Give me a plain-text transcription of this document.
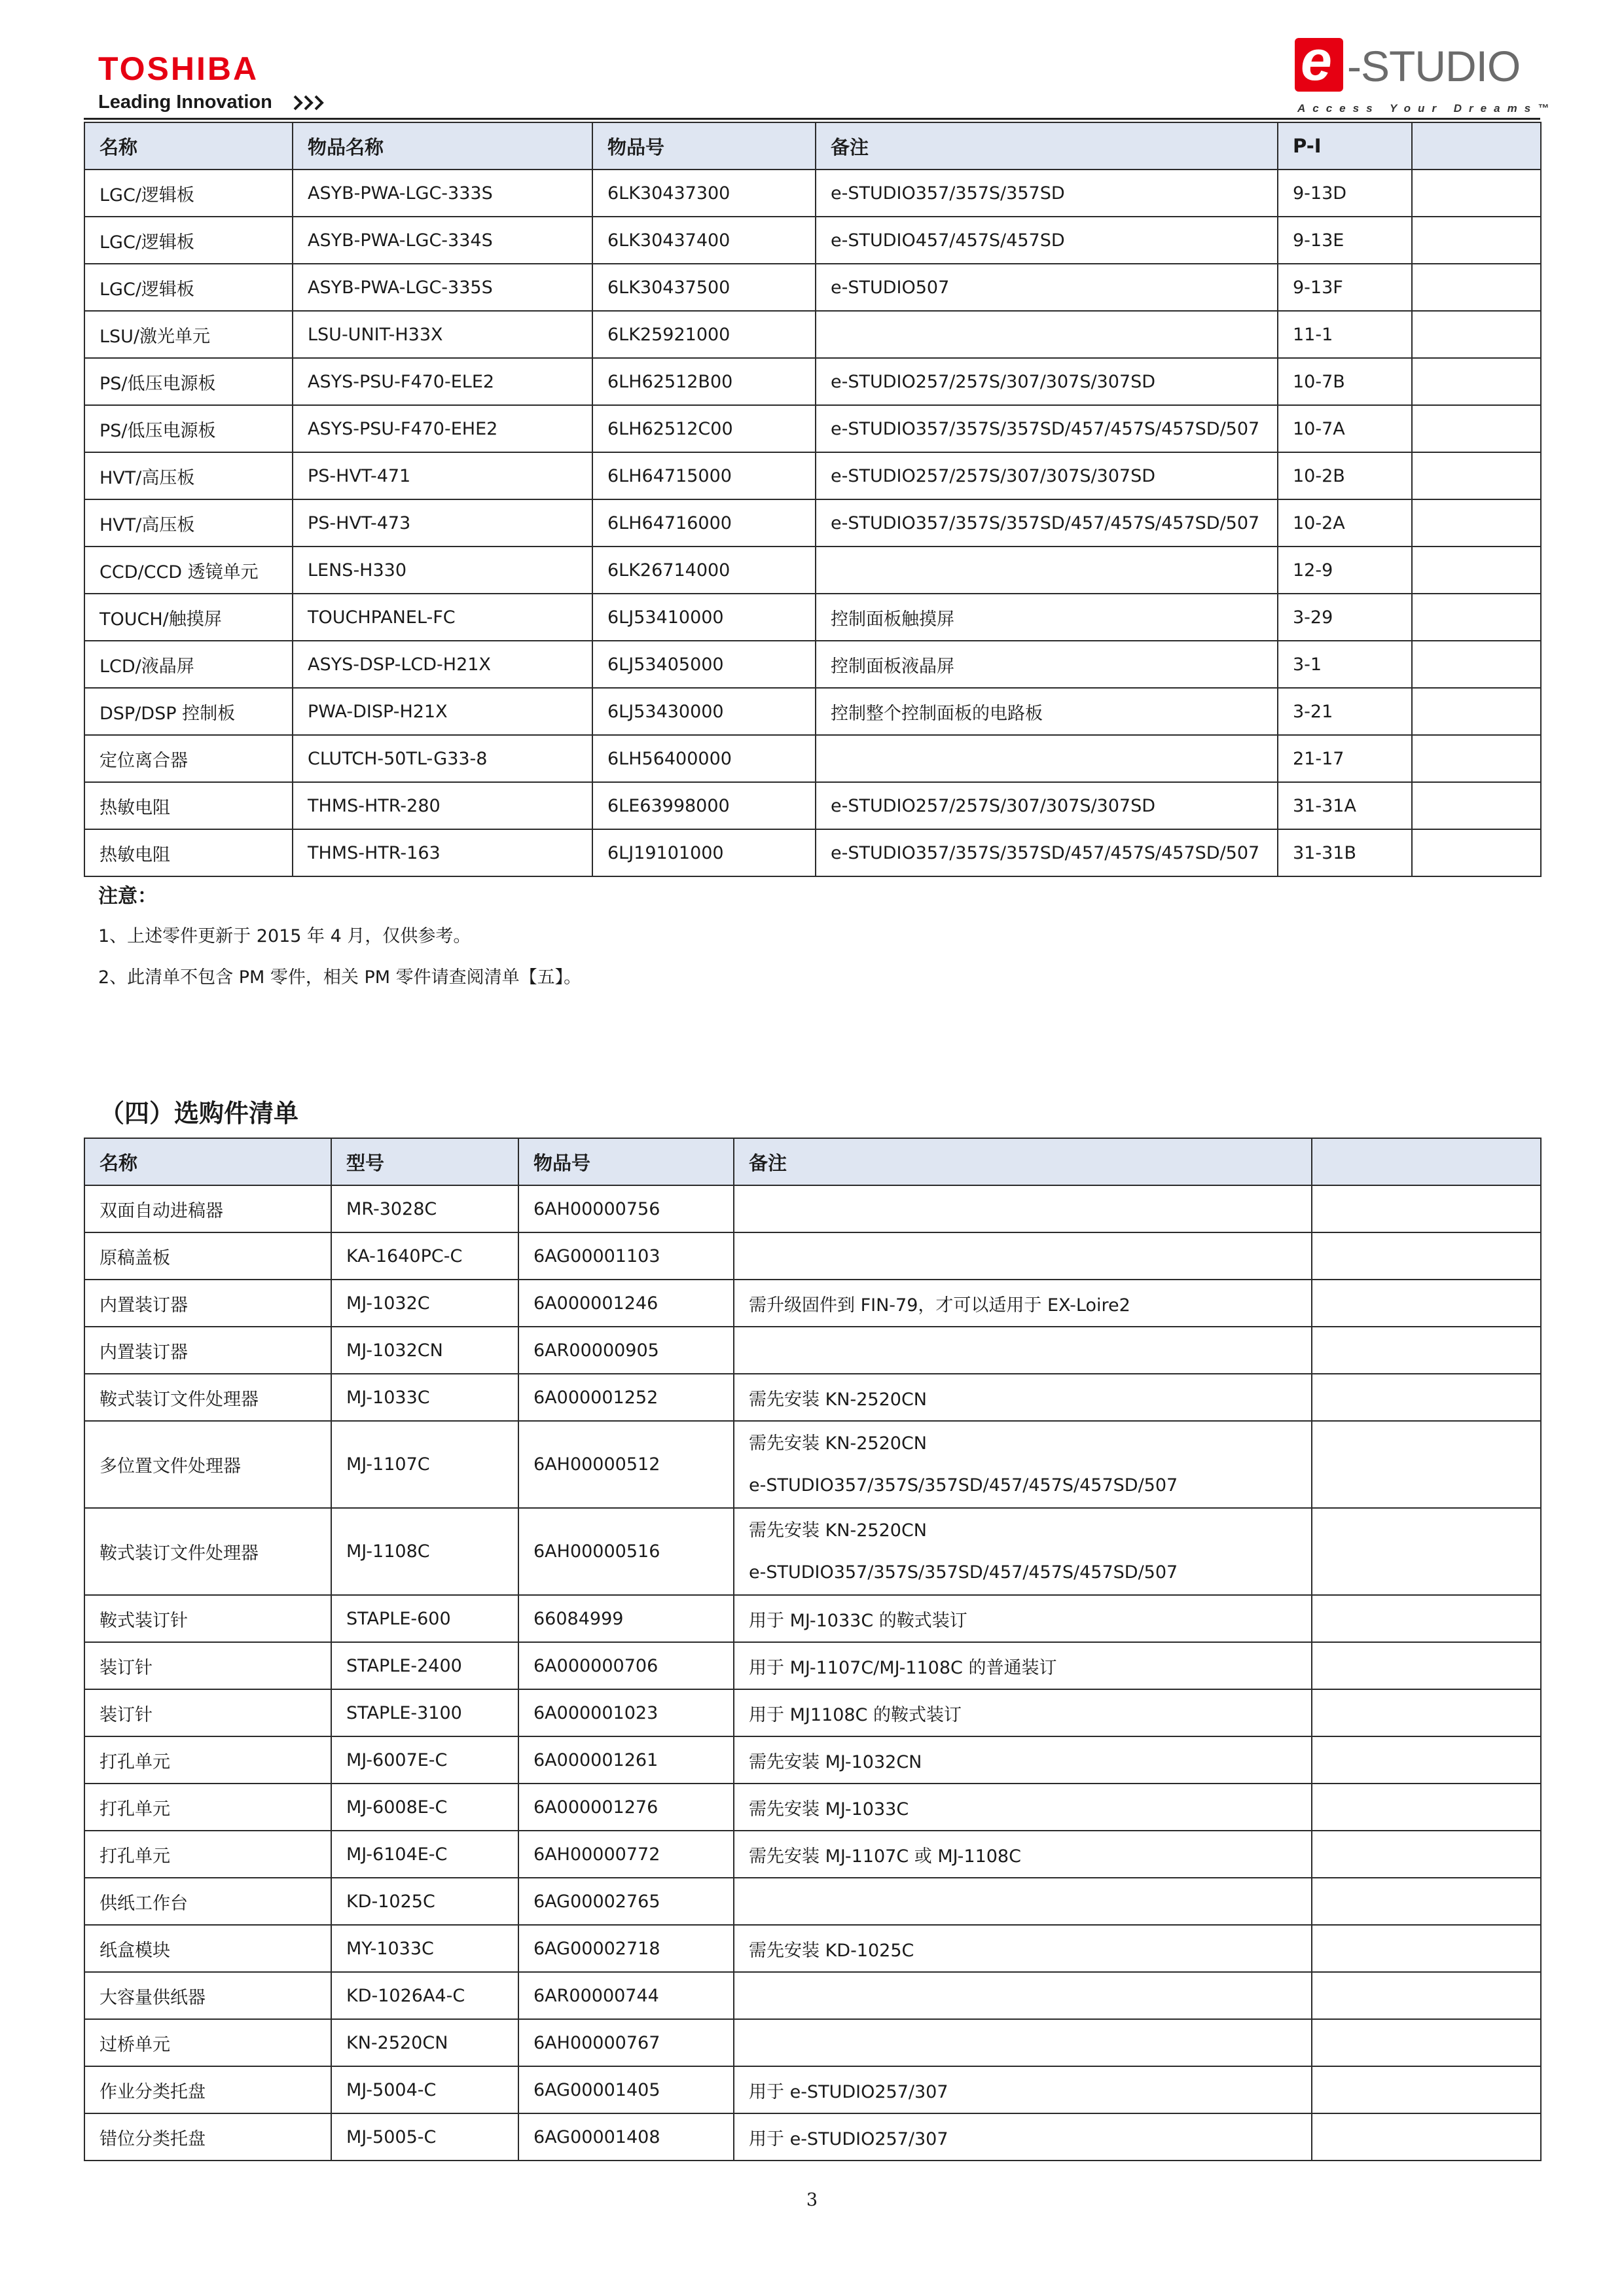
TOSHIBA
Leading Innovation
e -STUDIO
Access Your Dreams™
名称	物品名称	物品号	备注	P-I	
LGC/逻辑板	ASYB-PWA-LGC-333S	6LK30437300	e-STUDIO357/357S/357SD	9-13D	
LGC/逻辑板	ASYB-PWA-LGC-334S	6LK30437400	e-STUDIO457/457S/457SD	9-13E	
LGC/逻辑板	ASYB-PWA-LGC-335S	6LK30437500	e-STUDIO507	9-13F	
LSU/激光单元	LSU-UNIT-H33X	6LK25921000		11-1	
PS/低压电源板	ASYS-PSU-F470-ELE2	6LH62512B00	e-STUDIO257/257S/307/307S/307SD	10-7B	
PS/低压电源板	ASYS-PSU-F470-EHE2	6LH62512C00	e-STUDIO357/357S/357SD/457/457S/457SD/507	10-7A	
HVT/高压板	PS-HVT-471	6LH64715000	e-STUDIO257/257S/307/307S/307SD	10-2B	
HVT/高压板	PS-HVT-473	6LH64716000	e-STUDIO357/357S/357SD/457/457S/457SD/507	10-2A	
CCD/CCD 透镜单元	LENS-H330	6LK26714000		12-9	
TOUCH/触摸屏	TOUCHPANEL-FC	6LJ53410000	控制面板触摸屏	3-29	
LCD/液晶屏	ASYS-DSP-LCD-H21X	6LJ53405000	控制面板液晶屏	3-1	
DSP/DSP 控制板	PWA-DISP-H21X	6LJ53430000	控制整个控制面板的电路板	3-21	
定位离合器	CLUTCH-50TL-G33-8	6LH56400000		21-17	
热敏电阻	THMS-HTR-280	6LE63998000	e-STUDIO257/257S/307/307S/307SD	31-31A	
热敏电阻	THMS-HTR-163	6LJ19101000	e-STUDIO357/357S/357SD/457/457S/457SD/507	31-31B	
注意：
1、上述零件更新于 2015 年 4 月，仅供参考。
2、此清单不包含 PM 零件，相关 PM 零件请查阅清单【五】。
（四）选购件清单
名称	型号	物品号	备注	
双面自动进稿器	MR-3028C	6AH00000756		
原稿盖板	KA-1640PC-C	6AG00001103		
内置装订器	MJ-1032C	6A000001246	需升级固件到 FIN-79，才可以适用于 EX-Loire2	
内置装订器	MJ-1032CN	6AR00000905		
鞍式装订文件处理器	MJ-1033C	6A000001252	需先安装 KN-2520CN	
多位置文件处理器	MJ-1107C	6AH00000512	需先安装 KN-2520CN
e-STUDIO357/357S/357SD/457/457S/457SD/507	

鞍式装订文件处理器	MJ-1108C	6AH00000516	需先安装 KN-2520CN
e-STUDIO357/357S/357SD/457/457S/457SD/507	

鞍式装订针	STAPLE-600	66084999	用于 MJ-1033C 的鞍式装订	
装订针	STAPLE-2400	6A000000706	用于 MJ-1107C/MJ-1108C 的普通装订	
装订针	STAPLE-3100	6A000001023	用于 MJ1108C 的鞍式装订	
打孔单元	MJ-6007E-C	6A000001261	需先安装 MJ-1032CN	
打孔单元	MJ-6008E-C	6A000001276	需先安装 MJ-1033C	
打孔单元	MJ-6104E-C	6AH00000772	需先安装 MJ-1107C 或 MJ-1108C	
供纸工作台	KD-1025C	6AG00002765		
纸盒模块	MY-1033C	6AG00002718	需先安装 KD-1025C	
大容量供纸器	KD-1026A4-C	6AR00000744		
过桥单元	KN-2520CN	6AH00000767		
作业分类托盘	MJ-5004-C	6AG00001405	用于 e-STUDIO257/307	
错位分类托盘	MJ-5005-C	6AG00001408	用于 e-STUDIO257/307	
3
